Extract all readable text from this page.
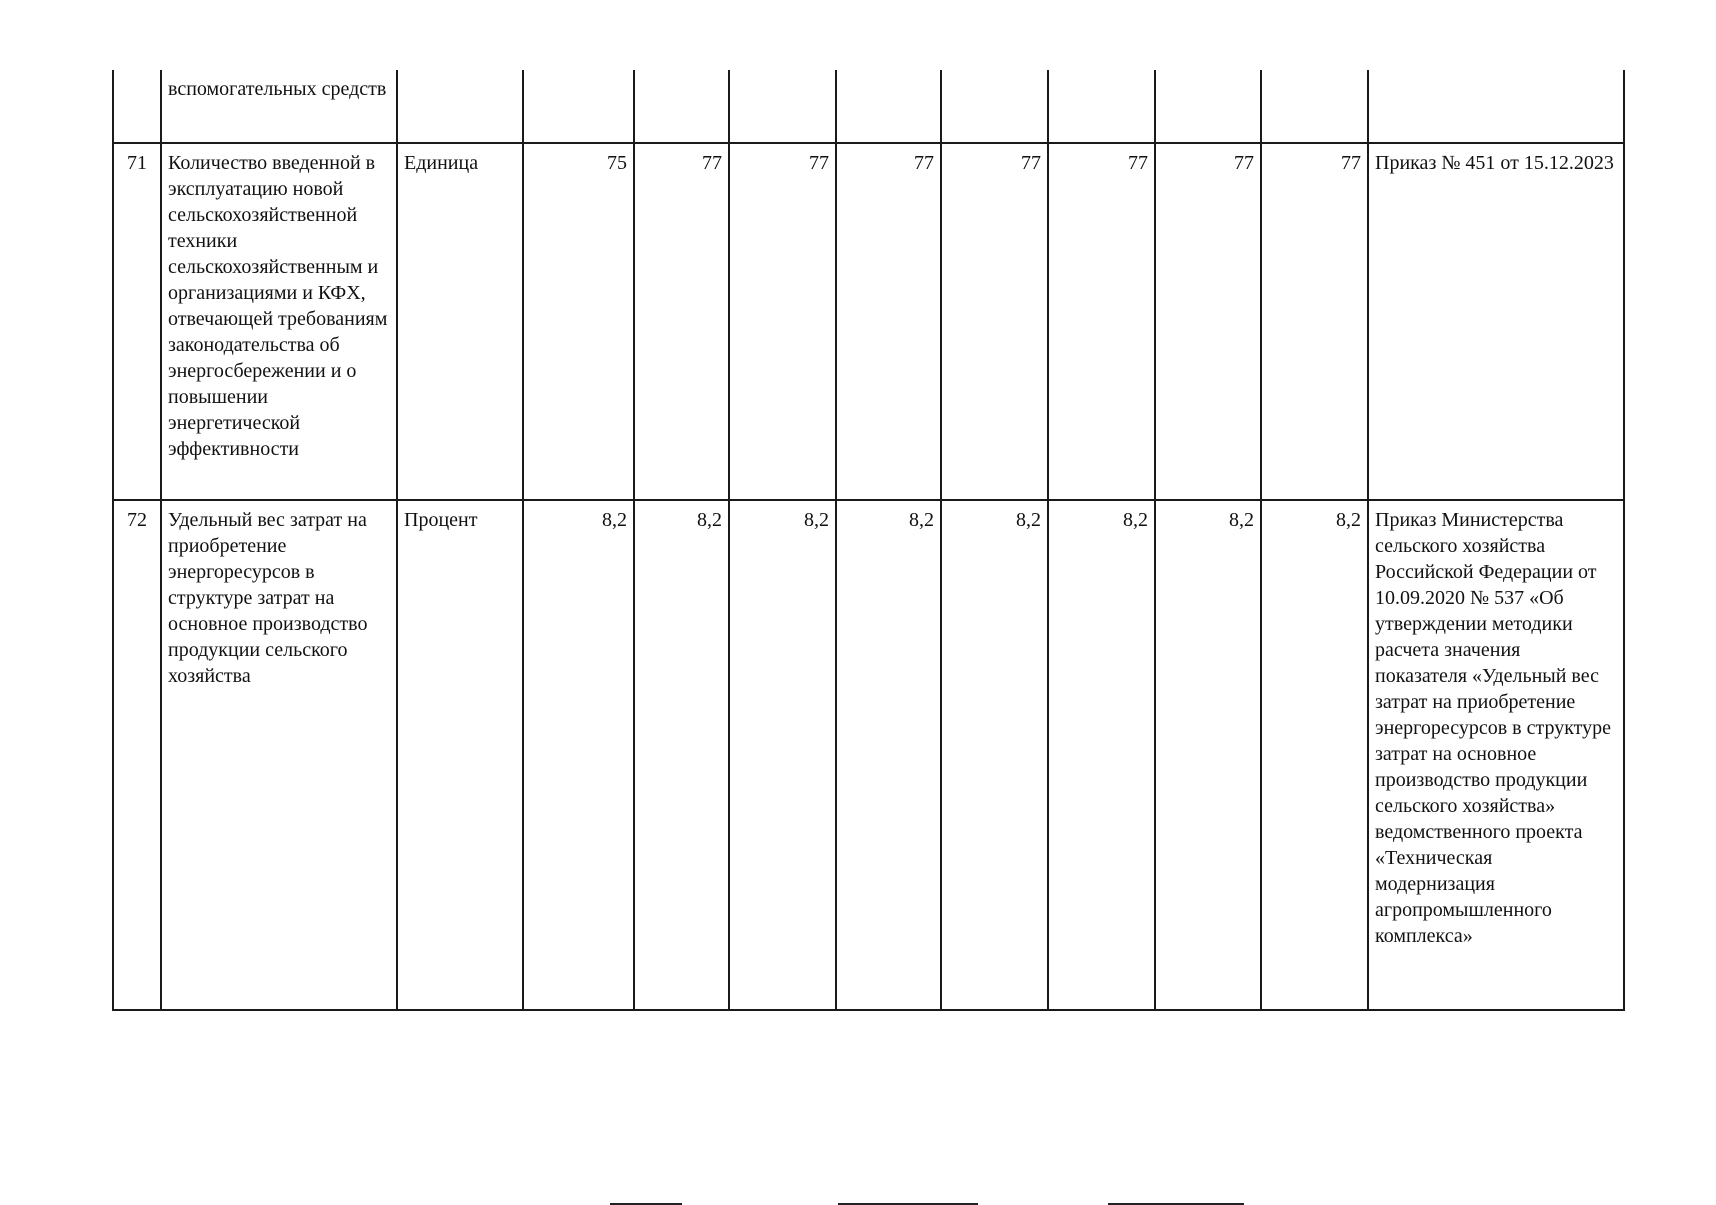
	вспомогательных средств										
71	Количество введенной в эксплуатацию новой сельскохозяйственной техники сельскохозяйственным и организациями и КФХ, отвечающей требованиям законодательства об энергосбережении и о повышении энергетической эффективности	Единица	75	77	77	77	77	77	77	77	Приказ № 451 от 15.12.2023
72	Удельный вес затрат на приобретение энергоресурсов в структуре затрат на основное производство продукции сельского хозяйства	Процент	8,2	8,2	8,2	8,2	8,2	8,2	8,2	8,2	Приказ Министерства сельского хозяйства Российской Федерации от 10.09.2020 № 537 «Об утверждении методики расчета значения показателя «Удельный вес затрат на приобретение энергоресурсов в структуре затрат на основное производство продукции сельского хозяйства» ведомственного проекта «Техническая модернизация агропромышленного комплекса»
